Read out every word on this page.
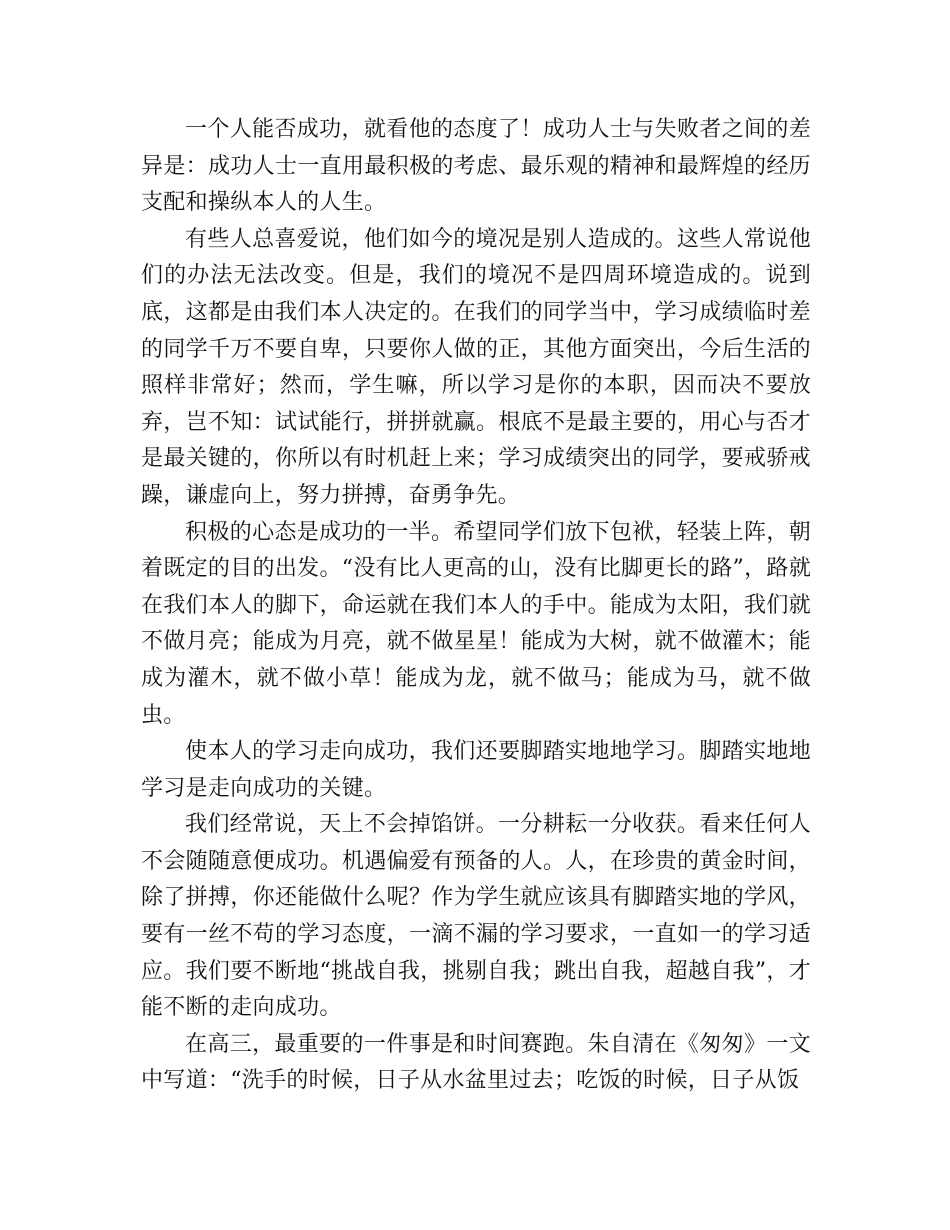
一个人能否成功，就看他的态度了！成功人士与失败者之间的差异是：成功人士一直用最积极的考虑、最乐观的精神和最辉煌的经历支配和操纵本人的人生。

有些人总喜爱说，他们如今的境况是别人造成的。这些人常说他们的办法无法改变。但是，我们的境况不是四周环境造成的。说到底，这都是由我们本人决定的。在我们的同学当中，学习成绩临时差的同学千万不要自卑，只要你人做的正，其他方面突出，今后生活的照样非常好；然而，学生嘛，所以学习是你的本职，因而决不要放弃，岂不知：试试能行，拼拼就赢。根底不是最主要的，用心与否才是最关键的，你所以有时机赶上来；学习成绩突出的同学，要戒骄戒躁，谦虚向上，努力拼搏，奋勇争先。

积极的心态是成功的一半。希望同学们放下包袱，轻装上阵，朝着既定的目的出发。“没有比人更高的山，没有比脚更长的路”，路就在我们本人的脚下，命运就在我们本人的手中。能成为太阳，我们就不做月亮；能成为月亮，就不做星星！能成为大树，就不做灌木；能成为灌木，就不做小草！能成为龙，就不做马；能成为马，就不做虫。

使本人的学习走向成功，我们还要脚踏实地地学习。脚踏实地地学习是走向成功的关键。

我们经常说，天上不会掉馅饼。一分耕耘一分收获。看来任何人不会随随意便成功。机遇偏爱有预备的人。人，在珍贵的黄金时间，除了拼搏，你还能做什么呢？作为学生就应该具有脚踏实地的学风，要有一丝不苟的学习态度，一滴不漏的学习要求，一直如一的学习适应。我们要不断地“挑战自我，挑剔自我；跳出自我，超越自我”，才能不断的走向成功。

在高三，最重要的一件事是和时间赛跑。朱自清在《匆匆》一文中写道：“洗手的时候，日子从水盆里过去；吃饭的时候，日子从饭
